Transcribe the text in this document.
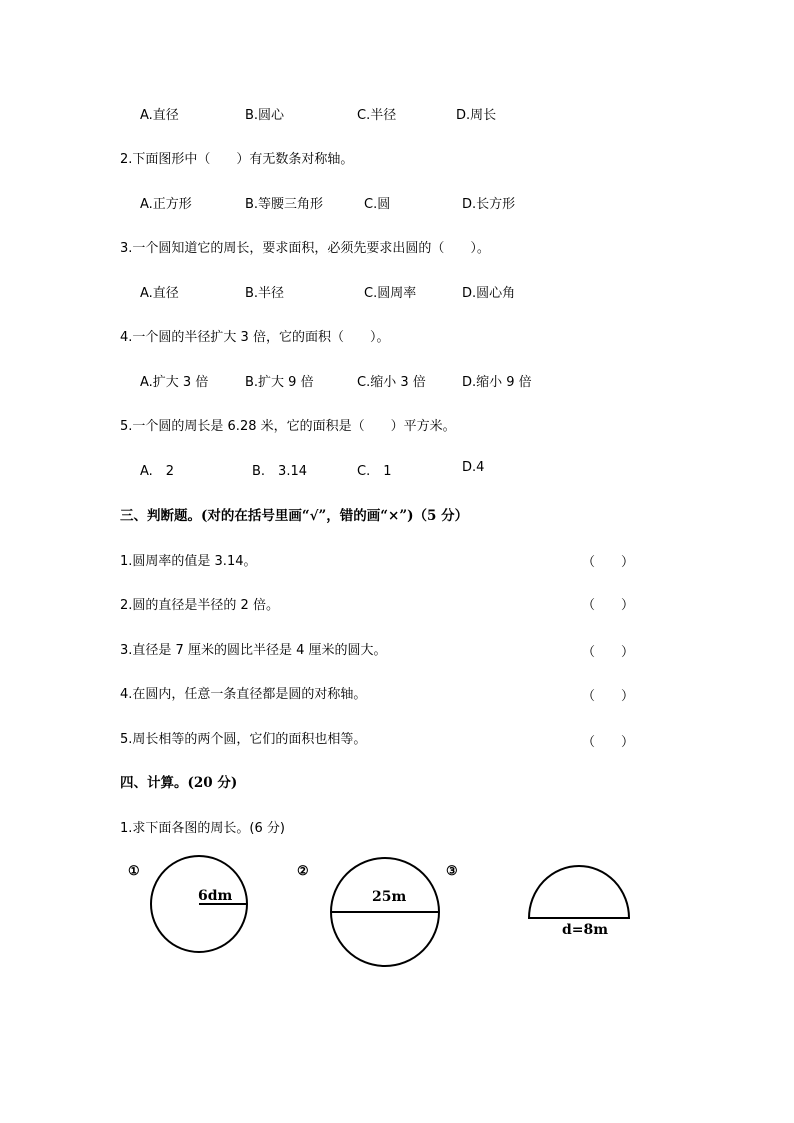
A.直径	B.圆心	C.半径	D.周长
2.下面图形中（　　）有无数条对称轴。
A.正方形	B.等腰三角形	C.圆	D.长方形
3.一个圆知道它的周长，要求面积，必须先要求出圆的（　　）。
A.直径	B.半径	C.圆周率	D.圆心角
4.一个圆的半径扩大 3 倍，它的面积（　　）。
A.扩大 3 倍	B.扩大 9 倍	C.缩小 3 倍	D.缩小 9 倍
5.一个圆的周长是 6.28 米，它的面积是（　　）平方米。
A.　2	B.　3.14	C.　1	D.4
三、判断题。(对的在括号里画“√”，错的画“×”)（5 分）
1.圆周率的值是 3.14。	（　　）
2.圆的直径是半径的 2 倍。	（　　）
3.直径是 7 厘米的圆比半径是 4 厘米的圆大。	（　　）
4.在圆内，任意一条直径都是圆的对称轴。	（　　）
5.周长相等的两个圆，它们的面积也相等。	（　　）
四、计算。(20 分)
1.求下面各图的周长。(6 分)
①
6dm
②
25m
③
d=8m
